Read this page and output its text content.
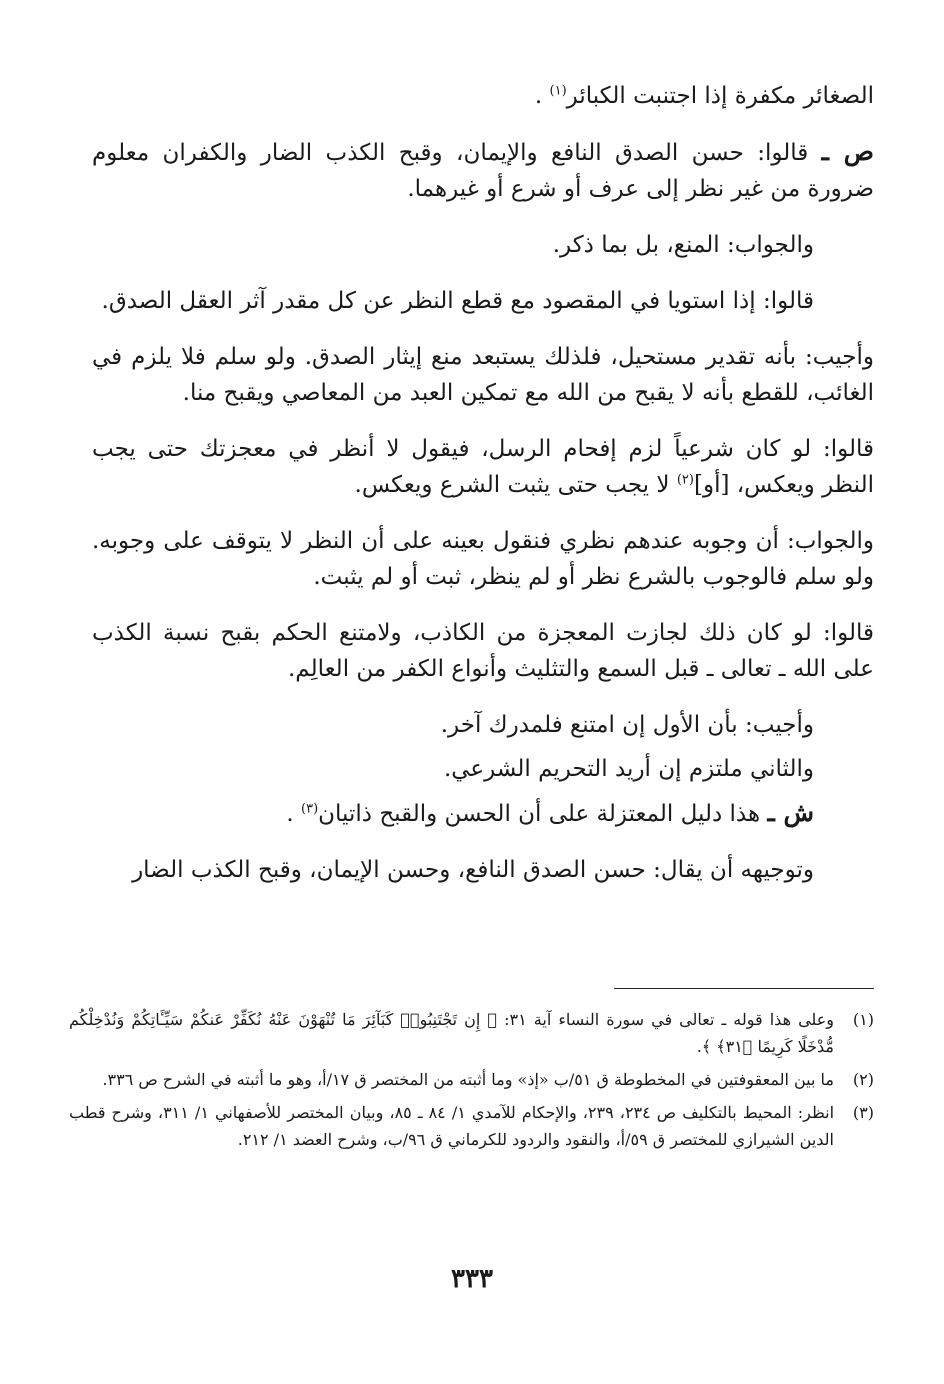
الصغائر مكفرة إذا اجتنبت الكبائر$^{(١)}$ .

ص ـ قالوا: حسن الصدق النافع والإيمان، وقبح الكذب الضار والكفران معلوم ضرورة من غير نظر إلى عرف أو شرع أو غيرهما.

والجواب: المنع، بل بما ذكر.

قالوا: إذا استويا في المقصود مع قطع النظر عن كل مقدر آثر العقل الصدق.

وأجيب: بأنه تقدير مستحيل، فلذلك يستبعد منع إيثار الصدق. ولو سلم فلا يلزم في الغائب، للقطع بأنه لا يقبح من الله مع تمكين العبد من المعاصي ويقبح منا.

قالوا: لو كان شرعياً لزم إفحام الرسل، فيقول لا أنظر في معجزتك حتى يجب النظر ويعكس، [أو]$^{(٢)}$ لا يجب حتى يثبت الشرع ويعكس.

والجواب: أن وجوبه عندهم نظري فنقول بعينه على أن النظر لا يتوقف على وجوبه. ولو سلم فالوجوب بالشرع نظر أو لم ينظر، ثبت أو لم يثبت.

قالوا: لو كان ذلك لجازت المعجزة من الكاذب، ولامتنع الحكم بقبح نسبة الكذب على الله ـ تعالى ـ قبل السمع والتثليث وأنواع الكفر من العالِم.

وأجيب: بأن الأول إن امتنع فلمدرك آخر.

والثاني ملتزم إن أريد التحريم الشرعي.

ش ـ هذا دليل المعتزلة على أن الحسن والقبح ذاتيان$^{(٣)}$ .

وتوجيهه أن يقال: حسن الصدق النافع، وحسن الإيمان، وقبح الكذب الضار

(١)
وعلى هذا قوله ـ تعالى في سورة النساء آية ٣١: ﴿ إِن تَجْتَنِبُوا۟ كَبَآئِرَ مَا تُنْهَوْنَ عَنْهُ نُكَفِّرْ عَنكُمْ سَيِّـَٔاتِكُمْ وَنُدْخِلْكُم مُّدْخَلًا كَرِيمًا ﴿٣١﴾ ﴾.
(٢)
ما بين المعقوفتين في المخطوطة ق ٥١/ب «إذ» وما أثبته من المختصر ق ١٧/أ، وهو ما أثبته في الشرح ص ٣٣٦.
(٣)
انظر: المحيط بالتكليف ص ٢٣٤، ٢٣٩، والإحكام للآمدي ١/ ٨٤ ـ ٨٥، وبيان المختصر للأصفهاني ١/ ٣١١، وشرح قطب الدين الشيرازي للمختصر ق ٥٩/أ، والنقود والردود للكرماني ق ٩٦/ب، وشرح العضد ١/ ٢١٢.
٣٣٣
